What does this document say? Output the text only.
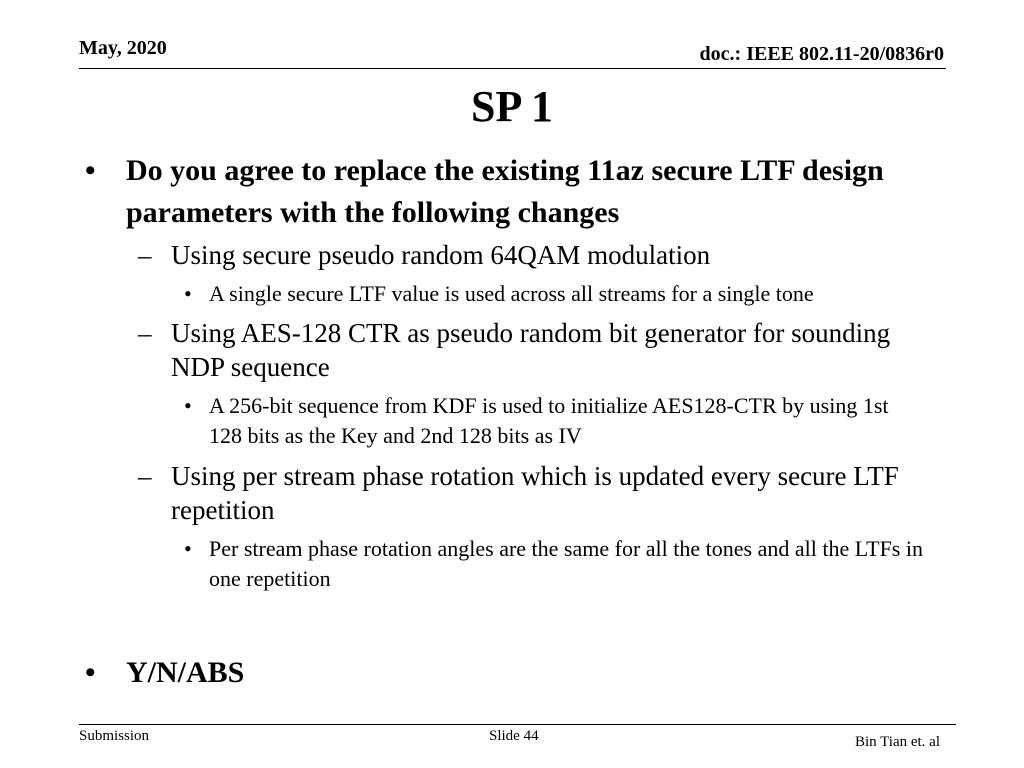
May, 2020	doc.: IEEE 802.11-20/0836r0
SP 1
•	Do you agree to replace the existing 11az secure LTF design parameters with the following changes
– Using secure pseudo random 64QAM modulation
• A single secure LTF value is used across all streams for a single tone
– Using AES-128 CTR as pseudo random bit generator for sounding NDP sequence
• A 256-bit sequence from KDF is used to initialize AES128-CTR by using 1st 128 bits as the Key and 2nd 128 bits as IV
– Using per stream phase rotation which is updated every secure LTF repetition
• Per stream phase rotation angles are the same for all the tones and all the LTFs in one repetition
•	Y/N/ABS
Submission	Slide 44	Bin Tian et. al
